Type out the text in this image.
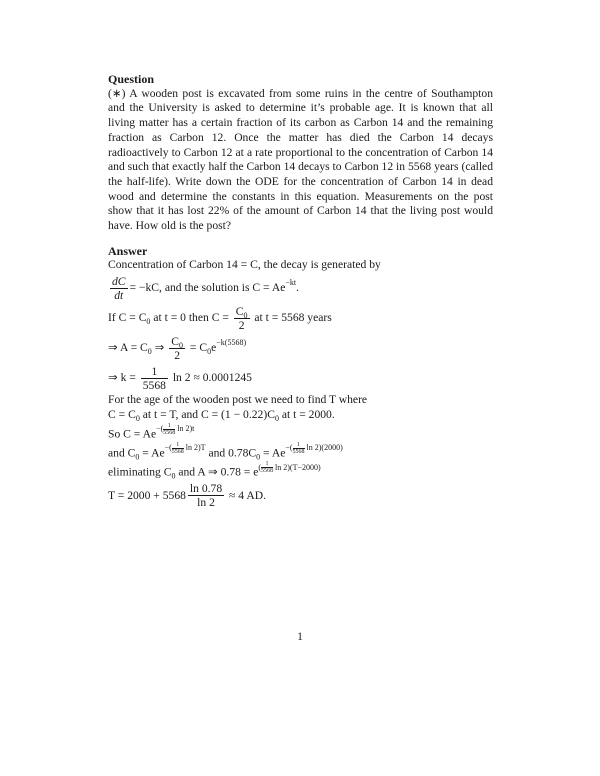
Question

(∗) A wooden post is excavated from some ruins in the centre of Southampton and the University is asked to determine it’s probable age. It is known that all living matter has a certain fraction of its carbon as Carbon 14 and the remaining fraction as Carbon 12. Once the matter has died the Carbon 14 decays radioactively to Carbon 12 at a rate proportional to the concentration of Carbon 14 and such that exactly half the Carbon 14 decays to Carbon 12 in 5568 years (called the half-life). Write down the ODE for the concentration of Carbon 14 in dead wood and determine the constants in this equation. Measurements on the post show that it has lost 22% of the amount of Carbon 14 that the living post would have. How old is the post?

Answer

Concentration of Carbon 14 = C, the decay is generated by
$\frac{dC}{dt} = -kC$, and the solution is $C = Ae^{-kt}$.
If $C = C_0$ at t = 0 then $C = \frac{C_0}{2}$ at t = 5568 years
⇒ $A = C_0$ ⇒ $\frac{C_0}{2} = C_0e^{-k(5568)}$
⇒ $k = \frac{1}{5568}$ ln 2 ≈ 0.0001245
For the age of the wooden post we need to find T where
$C = C_0$ at t = T, and $C = (1 - 0.22)C_0$ at t = 2000.
So $C = Ae^{-( \frac{1}{5568} ln 2)t}$
and $C_0 = Ae^{-( \frac{1}{5568} ln 2)T}$ and $0.78C_0 = Ae^{-( \frac{1}{5568} ln 2)(2000)}$
eliminating $C_0$ and A ⇒ $0.78 = e^{( \frac{1}{5568} ln 2)(T-2000)}$
$T = 2000 + 5568 \frac{\ln 0.78}{\ln 2} \approx 4$ AD.
1
